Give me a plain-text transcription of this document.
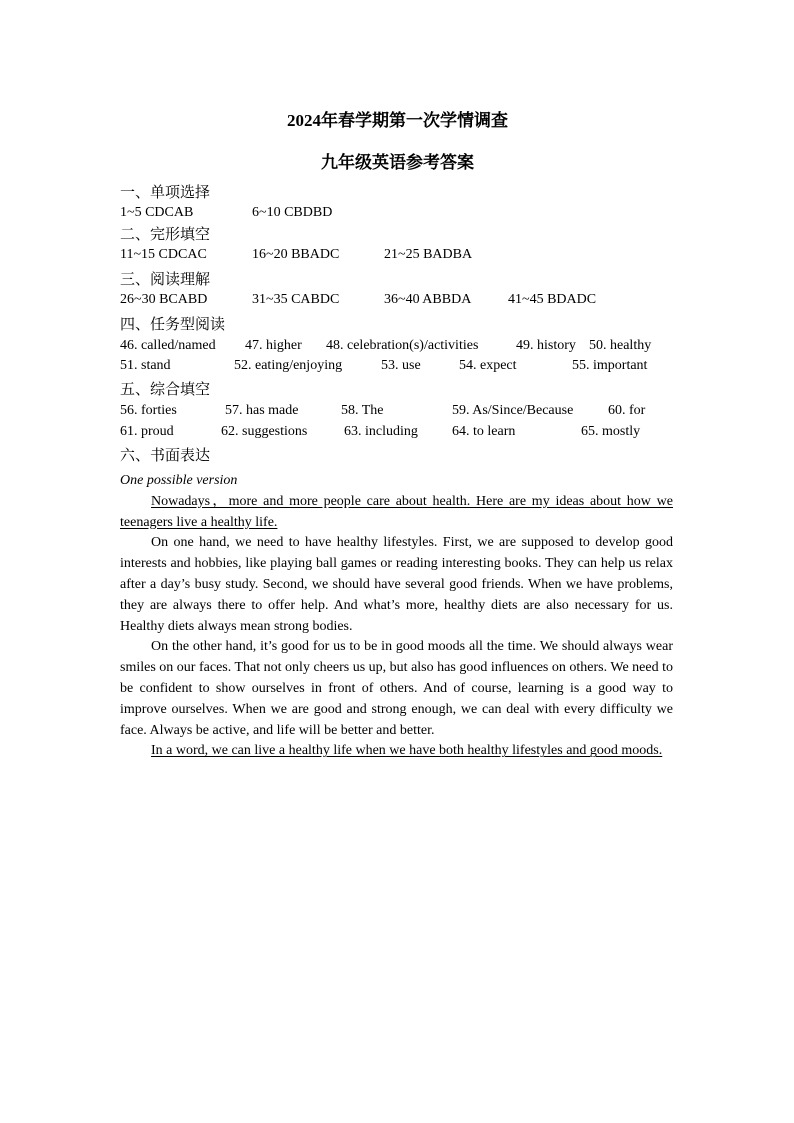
2024年春学期第一次学情调查
九年级英语参考答案
一、单项选择
1~5 CDCAB	6~10 CBDBD
二、完形填空
11~15 CDCAC	16~20 BBADC	21~25 BADBA
三、阅读理解
26~30 BCABD	31~35 CABDC	36~40 ABBDA	41~45 BDADC
四、任务型阅读
46. called/named 47. higher 48. celebration(s)/activities	49. history 50. healthy
51. stand	52. eating/enjoying	53. use	54. expect	55. important
五、综合填空
56. forties	57. has made	58. The	59. As/Since/Because 60. for
61. proud	62. suggestions	63. including 64. to learn	65. mostly
六、书面表达

One possible version

Nowadays，more and more people care about health. Here are my ideas about how we teenagers live a healthy life.

On one hand, we need to have healthy lifestyles. First, we are supposed to develop good interests and hobbies, like playing ball games or reading interesting books. They can help us relax after a day’s busy study. Second, we should have several good friends. When we have problems, they are always there to offer help. And what’s more, healthy diets are also necessary for us. Healthy diets always mean strong bodies.

On the other hand, it’s good for us to be in good moods all the time. We should always wear smiles on our faces. That not only cheers us up, but also has good influences on others. We need to be confident to show ourselves in front of others. And of course, learning is a good way to improve ourselves. When we are good and strong enough, we can deal with every difficulty we face. Always be active, and life will be better and better.

In a word, we can live a healthy life when we have both healthy lifestyles and good moods.
